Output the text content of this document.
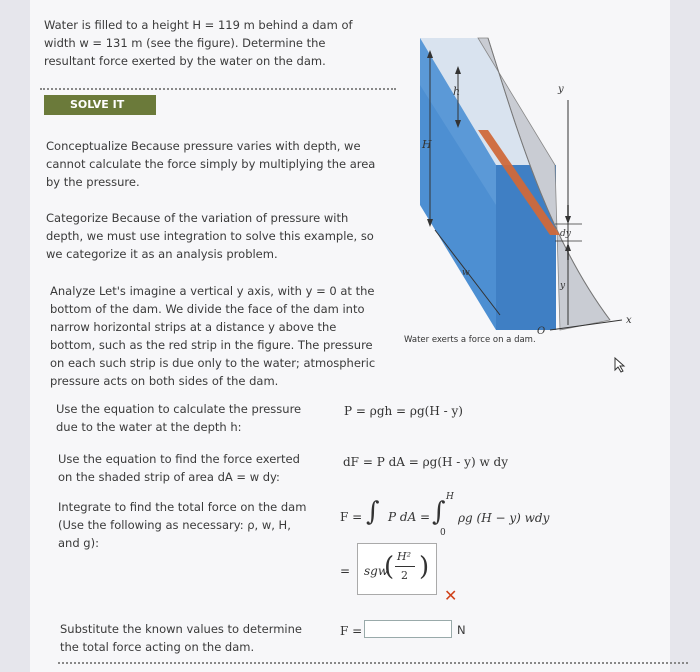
Water is filled to a height H = 119 m behind a dam of
width w = 131 m (see the figure). Determine the
resultant force exerted by the water on the dam.
SOLVE IT
Conceptualize Because pressure varies with depth, we
cannot calculate the force simply by multiplying the area
by the pressure.
Categorize Because of the variation of pressure with
depth, we must use integration to solve this example, so
we categorize it as an analysis problem.
Analyze Let's imagine a vertical y axis, with y = 0 at the
bottom of the dam. We divide the face of the dam into
narrow horizontal strips at a distance y above the
bottom, such as the red strip in the figure. The pressure
on each such strip is due only to the water; atmospheric
pressure acts on both sides of the dam.
h
H
y
x
dy
y
w
O
Water exerts a force on a dam.
Use the equation to calculate the pressure
due to the water at the depth h:
P = ρgh = ρg(H - y)
Use the equation to find the force exerted
on the shaded strip of area dA = w dy:
dF = P dA = ρg(H - y) w dy
Integrate to find the total force on the dam
(Use the following as necessary: ρ, w, H,
and g):
F = ∫ P dA = ∫ H
0
ρg (H − y) wdy
= sgw
( H²
2 )
✕
Substitute the known values to determine
the total force acting on the dam.
F =	N
